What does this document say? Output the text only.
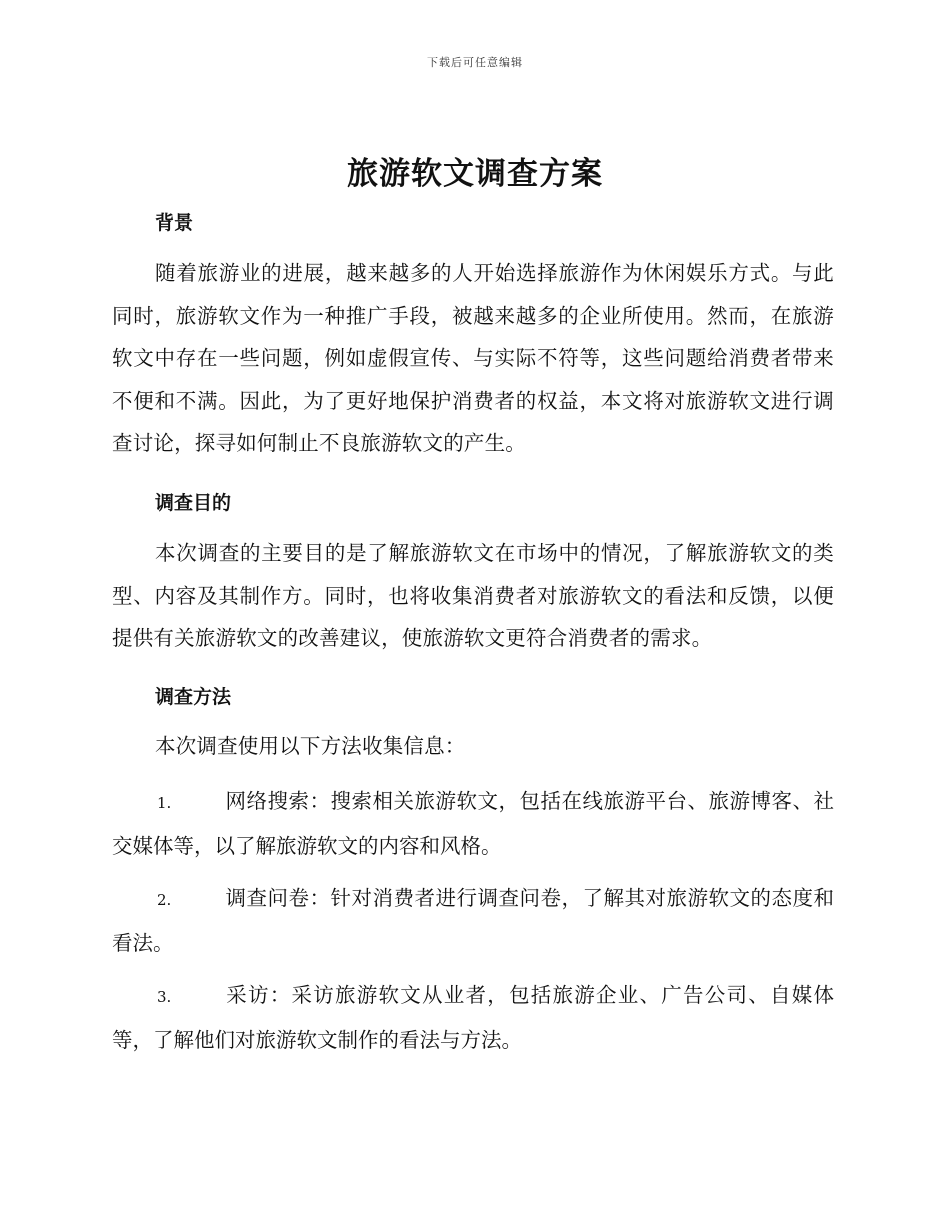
下载后可任意编辑
旅游软文调查方案
背景

随着旅游业的进展，越来越多的人开始选择旅游作为休闲娱乐方式。与此同时，旅游软文作为一种推广手段，被越来越多的企业所使用。然而，在旅游软文中存在一些问题，例如虚假宣传、与实际不符等，这些问题给消费者带来不便和不满。因此，为了更好地保护消费者的权益，本文将对旅游软文进行调查讨论，探寻如何制止不良旅游软文的产生。

调查目的

本次调查的主要目的是了解旅游软文在市场中的情况，了解旅游软文的类型、内容及其制作方。同时，也将收集消费者对旅游软文的看法和反馈，以便提供有关旅游软文的改善建议，使旅游软文更符合消费者的需求。

调查方法

本次调查使用以下方法收集信息：

1.	网络搜索：搜索相关旅游软文，包括在线旅游平台、旅游博客、社交媒体等，以了解旅游软文的内容和风格。

2.	调查问卷：针对消费者进行调查问卷，了解其对旅游软文的态度和看法。

3.	采访：采访旅游软文从业者，包括旅游企业、广告公司、自媒体等，了解他们对旅游软文制作的看法与方法。
